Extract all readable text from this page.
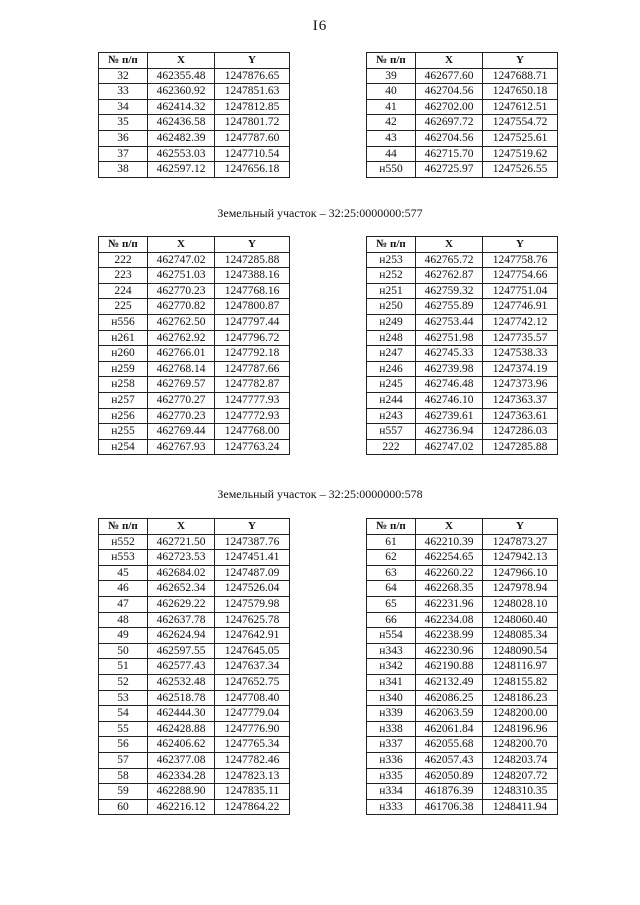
I6
№ п/п	X	Y
32	462355.48	1247876.65
33	462360.92	1247851.63
34	462414.32	1247812.85
35	462436.58	1247801.72
36	462482.39	1247787.60
37	462553.03	1247710.54
38	462597.12	1247656.18
№ п/п	X	Y
39	462677.60	1247688.71
40	462704.56	1247650.18
41	462702.00	1247612.51
42	462697.72	1247554.72
43	462704.56	1247525.61
44	462715.70	1247519.62
н550	462725.97	1247526.55
Земельный участок – 32:25:0000000:577
№ п/п	X	Y
222	462747.02	1247285.88
223	462751.03	1247388.16
224	462770.23	1247768.16
225	462770.82	1247800.87
н556	462762.50	1247797.44
н261	462762.92	1247796.72
н260	462766.01	1247792.18
н259	462768.14	1247787.66
н258	462769.57	1247782.87
н257	462770.27	1247777.93
н256	462770.23	1247772.93
н255	462769.44	1247768.00
н254	462767.93	1247763.24
№ п/п	X	Y
н253	462765.72	1247758.76
н252	462762.87	1247754.66
н251	462759.32	1247751.04
н250	462755.89	1247746.91
н249	462753.44	1247742.12
н248	462751.98	1247735.57
н247	462745.33	1247538.33
н246	462739.98	1247374.19
н245	462746.48	1247373.96
н244	462746.10	1247363.37
н243	462739.61	1247363.61
н557	462736.94	1247286.03
222	462747.02	1247285.88
Земельный участок – 32:25:0000000:578
№ п/п	X	Y
н552	462721.50	1247387.76
н553	462723.53	1247451.41
45	462684.02	1247487.09
46	462652.34	1247526.04
47	462629.22	1247579.98
48	462637.78	1247625.78
49	462624.94	1247642.91
50	462597.55	1247645.05
51	462577.43	1247637.34
52	462532.48	1247652.75
53	462518.78	1247708.40
54	462444.30	1247779.04
55	462428.88	1247776.90
56	462406.62	1247765.34
57	462377.08	1247782.46
58	462334.28	1247823.13
59	462288.90	1247835.11
60	462216.12	1247864.22
№ п/п	X	Y
61	462210.39	1247873.27
62	462254.65	1247942.13
63	462260.22	1247966.10
64	462268.35	1247978.94
65	462231.96	1248028.10
66	462234.08	1248060.40
н554	462238.99	1248085.34
н343	462230.96	1248090.54
н342	462190.88	1248116.97
н341	462132.49	1248155.82
н340	462086.25	1248186.23
н339	462063.59	1248200.00
н338	462061.84	1248196.96
н337	462055.68	1248200.70
н336	462057.43	1248203.74
н335	462050.89	1248207.72
н334	461876.39	1248310.35
н333	461706.38	1248411.94
